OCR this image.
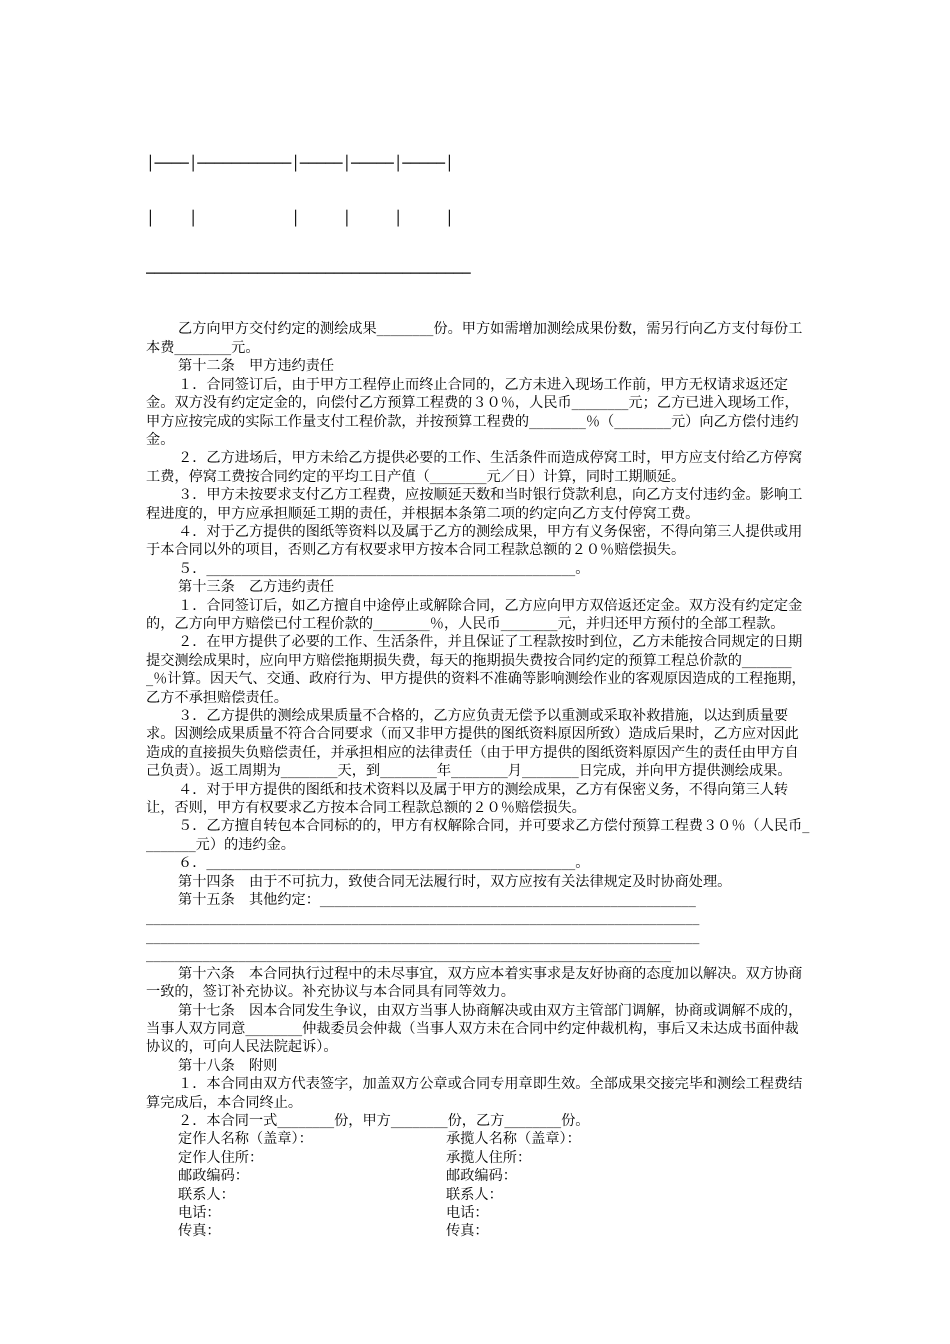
│────│───────────│─────│─────│─────│

│    │           │     │     │     │

──────────────────────────────────────

乙方向甲方交付约定的测绘成果________份。甲方如需增加测绘成果份数，需另行向乙方支付每份工本费________元。

第十二条　甲方违约责任

１．合同签订后，由于甲方工程停止而终止合同的，乙方未进入现场工作前，甲方无权请求返还定金。双方没有约定定金的，向偿付乙方预算工程费的３０％，人民币________元；乙方已进入现场工作，甲方应按完成的实际工作量支付工程价款，并按预算工程费的________％（________元）向乙方偿付违约金。

２．乙方进场后，甲方未给乙方提供必要的工作、生活条件而造成停窝工时，甲方应支付给乙方停窝工费，停窝工费按合同约定的平均工日产值（________元／日）计算，同时工期顺延。

３．甲方未按要求支付乙方工程费，应按顺延天数和当时银行贷款利息，向乙方支付违约金。影响工程进度的，甲方应承担顺延工期的责任，并根据本条第二项的约定向乙方支付停窝工费。

４．对于乙方提供的图纸等资料以及属于乙方的测绘成果，甲方有义务保密，不得向第三人提供或用于本合同以外的项目，否则乙方有权要求甲方按本合同工程款总额的２０％赔偿损失。

５．____________________________________________________。

第十三条　乙方违约责任

１．合同签订后，如乙方擅自中途停止或解除合同，乙方应向甲方双倍返还定金。双方没有约定定金的，乙方向甲方赔偿已付工程价款的________％，人民币________元，并归还甲方预付的全部工程款。

２．在甲方提供了必要的工作、生活条件，并且保证了工程款按时到位，乙方未能按合同规定的日期提交测绘成果时，应向甲方赔偿拖期损失费，每天的拖期损失费按合同约定的预算工程总价款的________％计算。因天气、交通、政府行为、甲方提供的资料不准确等影响测绘作业的客观原因造成的工程拖期，乙方不承担赔偿责任。

３．乙方提供的测绘成果质量不合格的，乙方应负责无偿予以重测或采取补救措施，以达到质量要求。因测绘成果质量不符合合同要求（而又非甲方提供的图纸资料原因所致）造成后果时，乙方应对因此造成的直接损失负赔偿责任，并承担相应的法律责任（由于甲方提供的图纸资料原因产生的责任由甲方自己负责）。返工周期为________天，到________年________月________日完成，并向甲方提供测绘成果。

４．对于甲方提供的图纸和技术资料以及属于甲方的测绘成果，乙方有保密义务，不得向第三人转让，否则，甲方有权要求乙方按本合同工程款总额的２０％赔偿损失。

５．乙方擅自转包本合同标的的，甲方有权解除合同，并可要求乙方偿付预算工程费３０％（人民币________元）的违约金。

６．____________________________________________________。

第十四条　由于不可抗力，致使合同无法履行时，双方应按有关法律规定及时协商处理。

第十五条　其他约定：_____________________________________________________

______________________________________________________________________________

______________________________________________________________________________

__________________________________________________________________________

第十六条　本合同执行过程中的未尽事宜，双方应本着实事求是友好协商的态度加以解决。双方协商一致的，签订补充协议。补充协议与本合同具有同等效力。

第十七条　因本合同发生争议，由双方当事人协商解决或由双方主管部门调解，协商或调解不成的，当事人双方同意________仲裁委员会仲裁（当事人双方未在合同中约定仲裁机构，事后又未达成书面仲裁协议的，可向人民法院起诉）。

第十八条　附则

１．本合同由双方代表签字，加盖双方公章或合同专用章即生效。全部成果交接完毕和测绘工程费结算完成后，本合同终止。

２．本合同一式________份，甲方________份，乙方________份。

定作人名称（盖章）：	承揽人名称（盖章）：
定作人住所：	承揽人住所：
邮政编码：	邮政编码：
联系人：	联系人：
电话：	电话：
传真：	传真：
